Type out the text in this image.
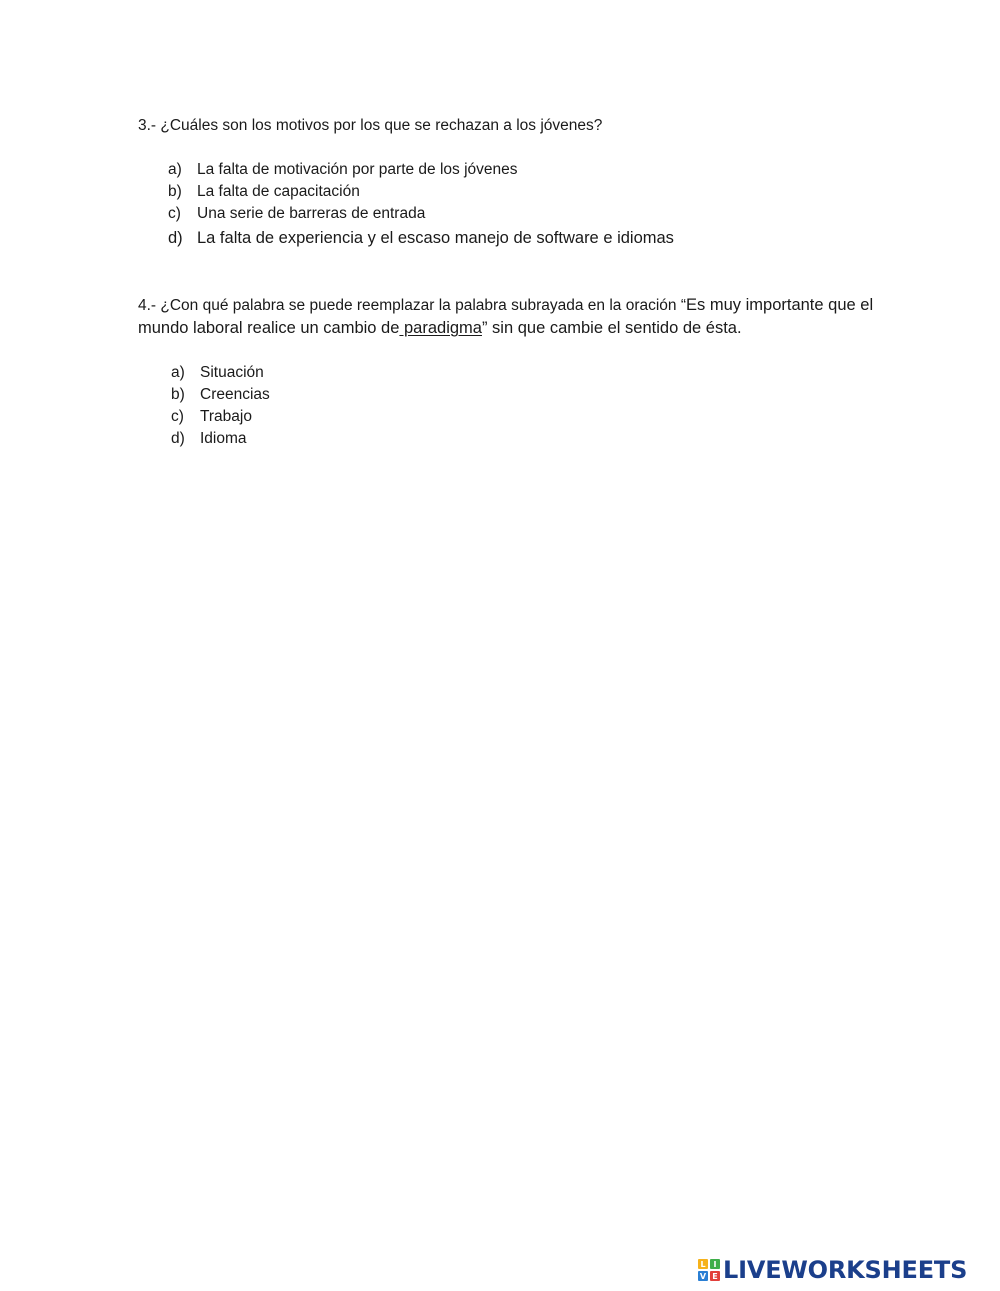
3.- ¿Cuáles son los motivos por los que se rechazan a los jóvenes?

a) La falta de motivación por parte de los jóvenes
b) La falta de capacitación
c) Una serie de barreras de entrada
d) La falta de experiencia y el escaso manejo de software e idiomas

4.- ¿Con qué palabra se puede reemplazar la palabra subrayada en la oración “Es muy importante que el mundo laboral realice un cambio de paradigma” sin que cambie el sentido de ésta.

a) Situación
b) Creencias
c) Trabajo
d) Idioma
L I
V E LIVEWORKSHEETS
